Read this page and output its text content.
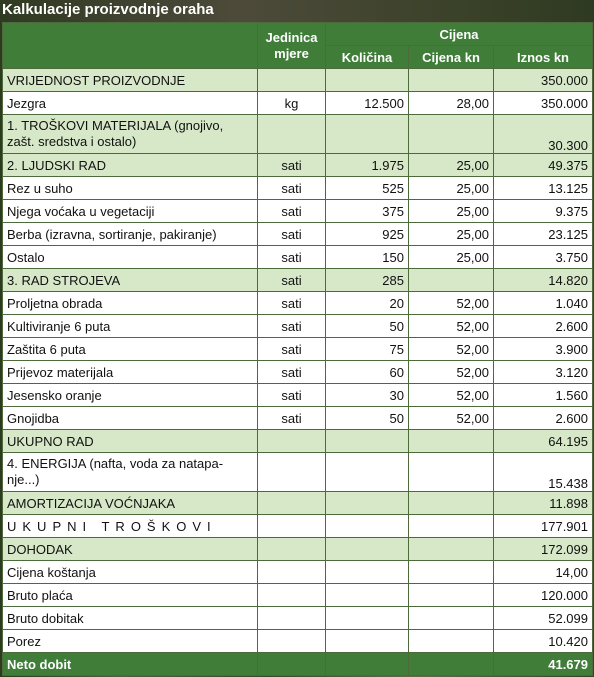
Kalkulacije proizvodnje oraha
	Jedinica mjere	Cijena		
		Količina	Cijena kn	Iznos kn
VRIJEDNOST PROIZVODNJE				350.000
Jezgra	kg	12.500	28,00	350.000
1. TROŠKOVI MATERIJALA (gnojivo, zašt. sredstva i ostalo)				30.300
2. LJUDSKI RAD	sati	1.975	25,00	49.375
Rez u suho	sati	525	25,00	13.125
Njega voćaka u vegetaciji	sati	375	25,00	9.375
Berba (izravna, sortiranje, pakiranje)	sati	925	25,00	23.125
Ostalo	sati	150	25,00	3.750
3. RAD STROJEVA	sati	285		14.820
Proljetna obrada	sati	20	52,00	1.040
Kultiviranje 6 puta	sati	50	52,00	2.600
Zaštita 6 puta	sati	75	52,00	3.900
Prijevoz materijala	sati	60	52,00	3.120
Jesensko oranje	sati	30	52,00	1.560
Gnojidba	sati	50	52,00	2.600
UKUPNO RAD				64.195
4. ENERGIJA (nafta, voda za natapa-nje...)				15.438
AMORTIZACIJA VOĆNJAKA				11.898
UKUPNI TROŠKOVI				177.901
DOHODAK				172.099
Cijena koštanja				14,00
Bruto plaća				120.000
Bruto dobitak				52.099
Porez				10.420
Neto dobit				41.679
